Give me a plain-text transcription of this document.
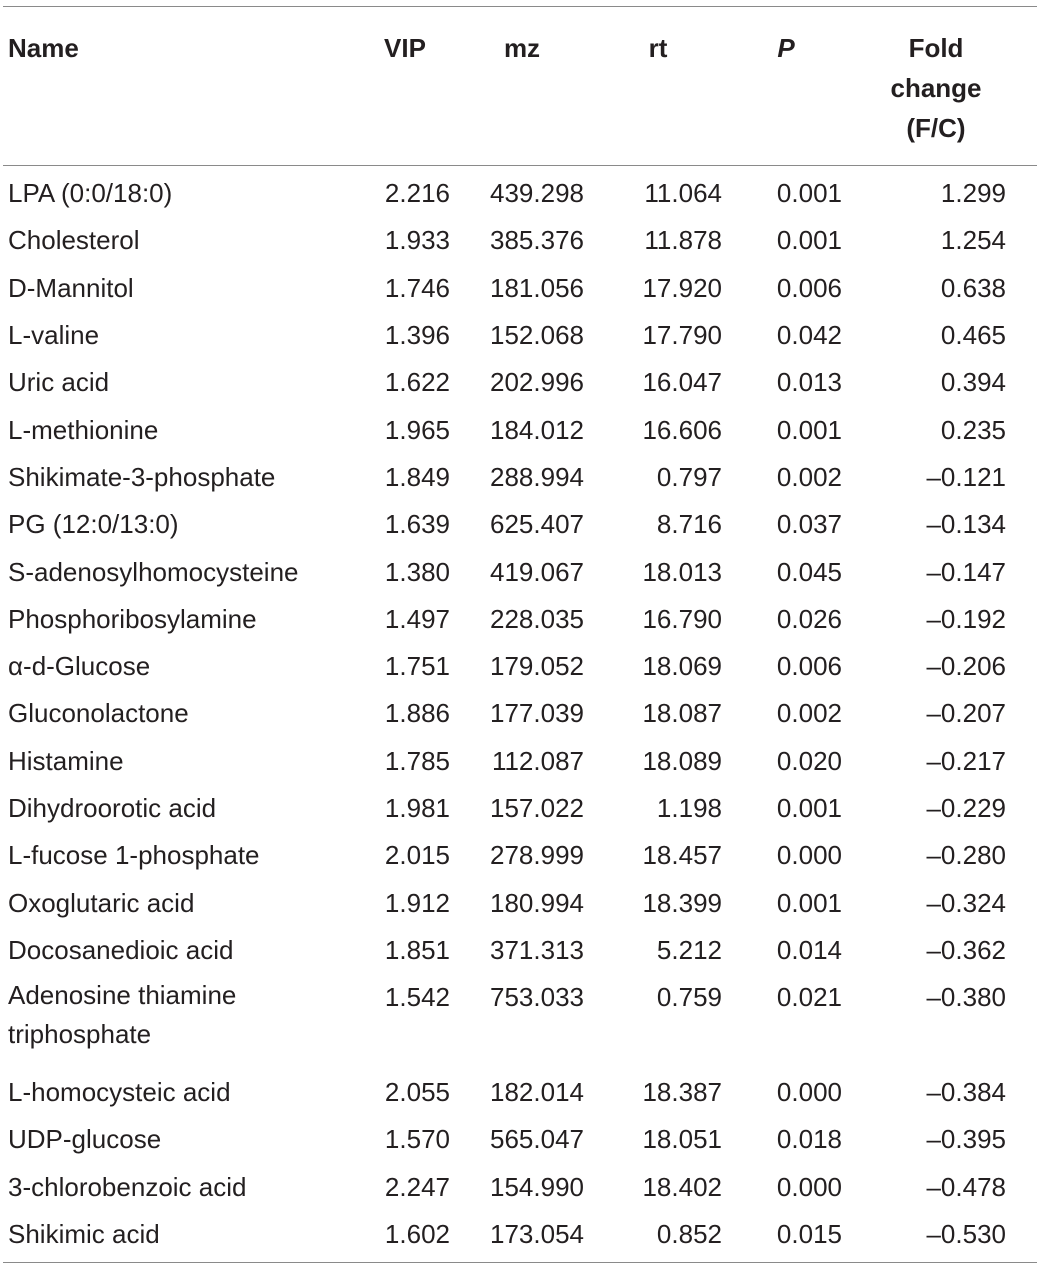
Name	VIP	mz	rt	P	Fold
change
(F/C)

LPA (0:0/18:0)	2.216	439.298	11.064	0.001	1.299
Cholesterol	1.933	385.376	11.878	0.001	1.254
D-Mannitol	1.746	181.056	17.920	0.006	0.638
L-valine	1.396	152.068	17.790	0.042	0.465
Uric acid	1.622	202.996	16.047	0.013	0.394
L-methionine	1.965	184.012	16.606	0.001	0.235
Shikimate-3-phosphate	1.849	288.994	0.797	0.002	–0.121
PG (12:0/13:0)	1.639	625.407	8.716	0.037	–0.134
S-adenosylhomocysteine	1.380	419.067	18.013	0.045	–0.147
Phosphoribosylamine	1.497	228.035	16.790	0.026	–0.192
α-d-Glucose	1.751	179.052	18.069	0.006	–0.206
Gluconolactone	1.886	177.039	18.087	0.002	–0.207
Histamine	1.785	112.087	18.089	0.020	–0.217
Dihydroorotic acid	1.981	157.022	1.198	0.001	–0.229
L-fucose 1-phosphate	2.015	278.999	18.457	0.000	–0.280
Oxoglutaric acid	1.912	180.994	18.399	0.001	–0.324
Docosanedioic acid	1.851	371.313	5.212	0.014	–0.362
Adenosine thiamine triphosphate	1.542	753.033	0.759	0.021	–0.380
L-homocysteic acid	2.055	182.014	18.387	0.000	–0.384
UDP-glucose	1.570	565.047	18.051	0.018	–0.395
3-chlorobenzoic acid	2.247	154.990	18.402	0.000	–0.478
Shikimic acid	1.602	173.054	0.852	0.015	–0.530
